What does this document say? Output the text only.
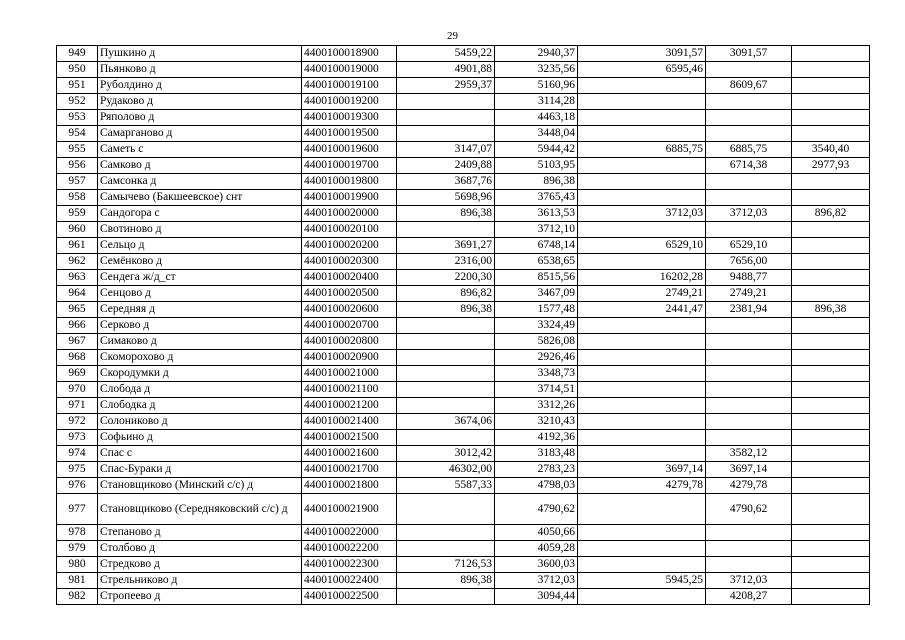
29
949	Пушкино д	4400100018900	5459,22	2940,37	3091,57	3091,57	
950	Пьянково д	4400100019000	4901,88	3235,56	6595,46		
951	Руболдино д	4400100019100	2959,37	5160,96		8609,67	
952	Рудаково д	4400100019200		3114,28			
953	Ряполово д	4400100019300		4463,18			
954	Самарганово д	4400100019500		3448,04			
955	Саметь с	4400100019600	3147,07	5944,42	6885,75	6885,75	3540,40
956	Самково д	4400100019700	2409,88	5103,95		6714,38	2977,93
957	Самсонка д	4400100019800	3687,76	896,38			
958	Самычево (Бакшеевское) снт	4400100019900	5698,96	3765,43			
959	Сандогора с	4400100020000	896,38	3613,53	3712,03	3712,03	896,82
960	Свотиново д	4400100020100		3712,10			
961	Сельцо д	4400100020200	3691,27	6748,14	6529,10	6529,10	
962	Семёнково д	4400100020300	2316,00	6538,65		7656,00	
963	Сендега ж/д_ст	4400100020400	2200,30	8515,56	16202,28	9488,77	
964	Сенцово д	4400100020500	896,82	3467,09	2749,21	2749,21	
965	Середняя д	4400100020600	896,38	1577,48	2441,47	2381,94	896,38
966	Серково д	4400100020700		3324,49			
967	Симаково д	4400100020800		5826,08			
968	Скоморохово д	4400100020900		2926,46			
969	Скородумки д	4400100021000		3348,73			
970	Слобода д	4400100021100		3714,51			
971	Слободка д	4400100021200		3312,26			
972	Солониково д	4400100021400	3674,06	3210,43			
973	Софьино д	4400100021500		4192,36			
974	Спас с	4400100021600	3012,42	3183,48		3582,12	
975	Спас-Бураки д	4400100021700	46302,00	2783,23	3697,14	3697,14	
976	Становщиково (Минский с/с) д	4400100021800	5587,33	4798,03	4279,78	4279,78	
977	Становщиково (Середняковский с/с) д	4400100021900		4790,62		4790,62	
978	Степаново д	4400100022000		4050,66			
979	Столбово д	4400100022200		4059,28			
980	Стредково д	4400100022300	7126,53	3600,03			
981	Стрельниково д	4400100022400	896,38	3712,03	5945,25	3712,03	
982	Стропеево д	4400100022500		3094,44		4208,27	
